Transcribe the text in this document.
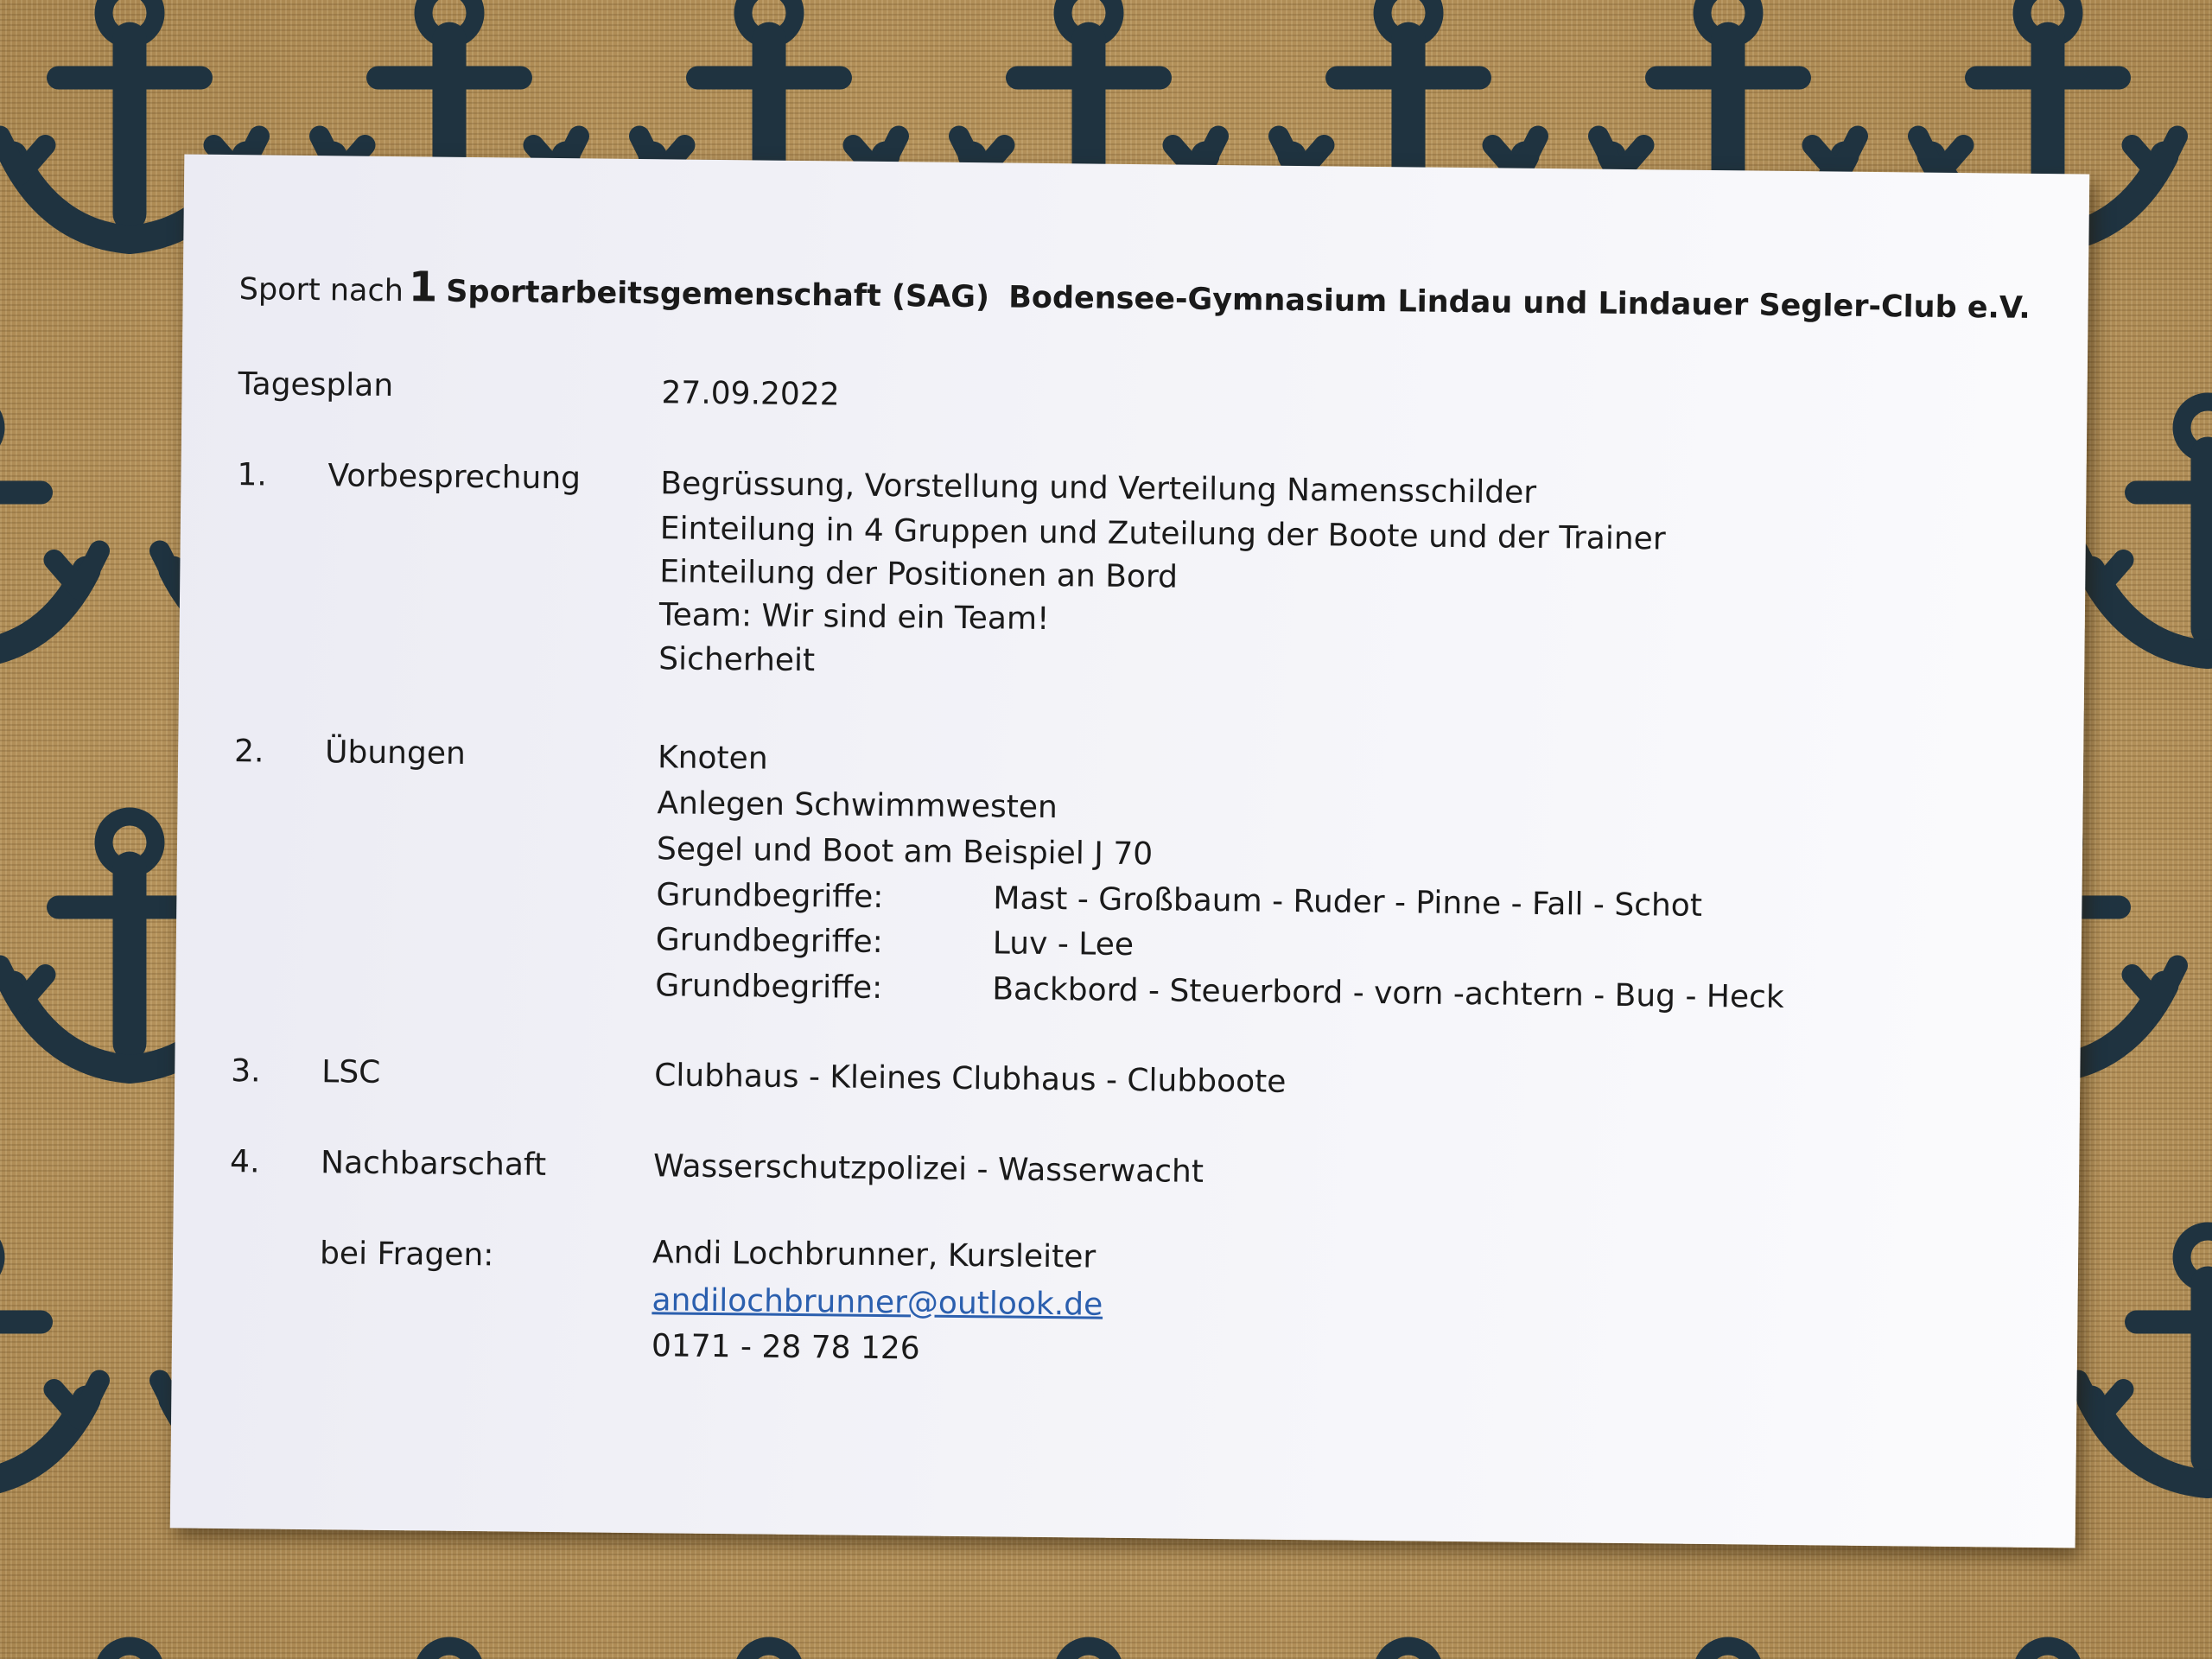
Sport nach 1 Sportarbeitsgemenschaft (SAG) Bodensee-Gymnasium Lindau und Lindauer Segler-Club e.V.
Tagesplan	27.09.2022
1. Vorbesprechung	Begrüssung, Vorstellung und Verteilung Namensschilder
Einteilung in 4 Gruppen und Zuteilung der Boote und der Trainer
Einteilung der Positionen an Bord
Team: Wir sind ein Team!
Sicherheit
2. Übungen	Knoten
Anlegen Schwimmwesten
Segel und Boot am Beispiel J 70
Grundbegriffe:	Mast - Großbaum - Ruder - Pinne - Fall - Schot
Grundbegriffe:	Luv - Lee
Grundbegriffe:	Backbord - Steuerbord - vorn -achtern - Bug - Heck
3. LSC	Clubhaus - Kleines Clubhaus - Clubboote
4. Nachbarschaft	Wasserschutzpolizei - Wasserwacht
bei Fragen:	Andi Lochbrunner, Kursleiter
andilochbrunner@outlook.de
0171 - 28 78 126
